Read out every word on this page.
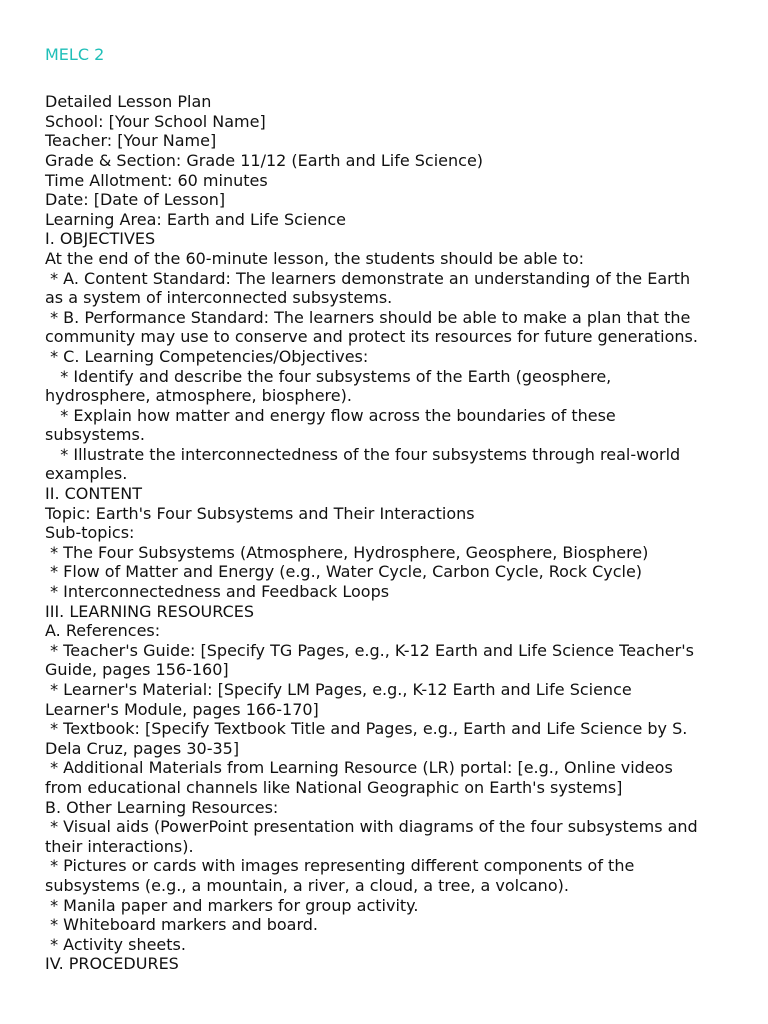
MELC 2

Detailed Lesson Plan

School: [Your School Name]

Teacher: [Your Name]

Grade & Section: Grade 11/12 (Earth and Life Science)

Time Allotment: 60 minutes

Date: [Date of Lesson]

Learning Area: Earth and Life Science

I. OBJECTIVES

At the end of the 60-minute lesson, the students should be able to:

* A. Content Standard: The learners demonstrate an understanding of the Earth

as a system of interconnected subsystems.

* B. Performance Standard: The learners should be able to make a plan that the

community may use to conserve and protect its resources for future generations.

* C. Learning Competencies/Objectives:

* Identify and describe the four subsystems of the Earth (geosphere,

hydrosphere, atmosphere, biosphere).

* Explain how matter and energy flow across the boundaries of these

subsystems.

* Illustrate the interconnectedness of the four subsystems through real-world

examples.

II. CONTENT

Topic: Earth's Four Subsystems and Their Interactions

Sub-topics:

* The Four Subsystems (Atmosphere, Hydrosphere, Geosphere, Biosphere)

* Flow of Matter and Energy (e.g., Water Cycle, Carbon Cycle, Rock Cycle)

* Interconnectedness and Feedback Loops

III. LEARNING RESOURCES

A. References:

* Teacher's Guide: [Specify TG Pages, e.g., K-12 Earth and Life Science Teacher's

Guide, pages 156-160]

* Learner's Material: [Specify LM Pages, e.g., K-12 Earth and Life Science

Learner's Module, pages 166-170]

* Textbook: [Specify Textbook Title and Pages, e.g., Earth and Life Science by S.

Dela Cruz, pages 30-35]

* Additional Materials from Learning Resource (LR) portal: [e.g., Online videos

from educational channels like National Geographic on Earth's systems]

B. Other Learning Resources:

* Visual aids (PowerPoint presentation with diagrams of the four subsystems and

their interactions).

* Pictures or cards with images representing different components of the

subsystems (e.g., a mountain, a river, a cloud, a tree, a volcano).

* Manila paper and markers for group activity.

* Whiteboard markers and board.

* Activity sheets.

IV. PROCEDURES
